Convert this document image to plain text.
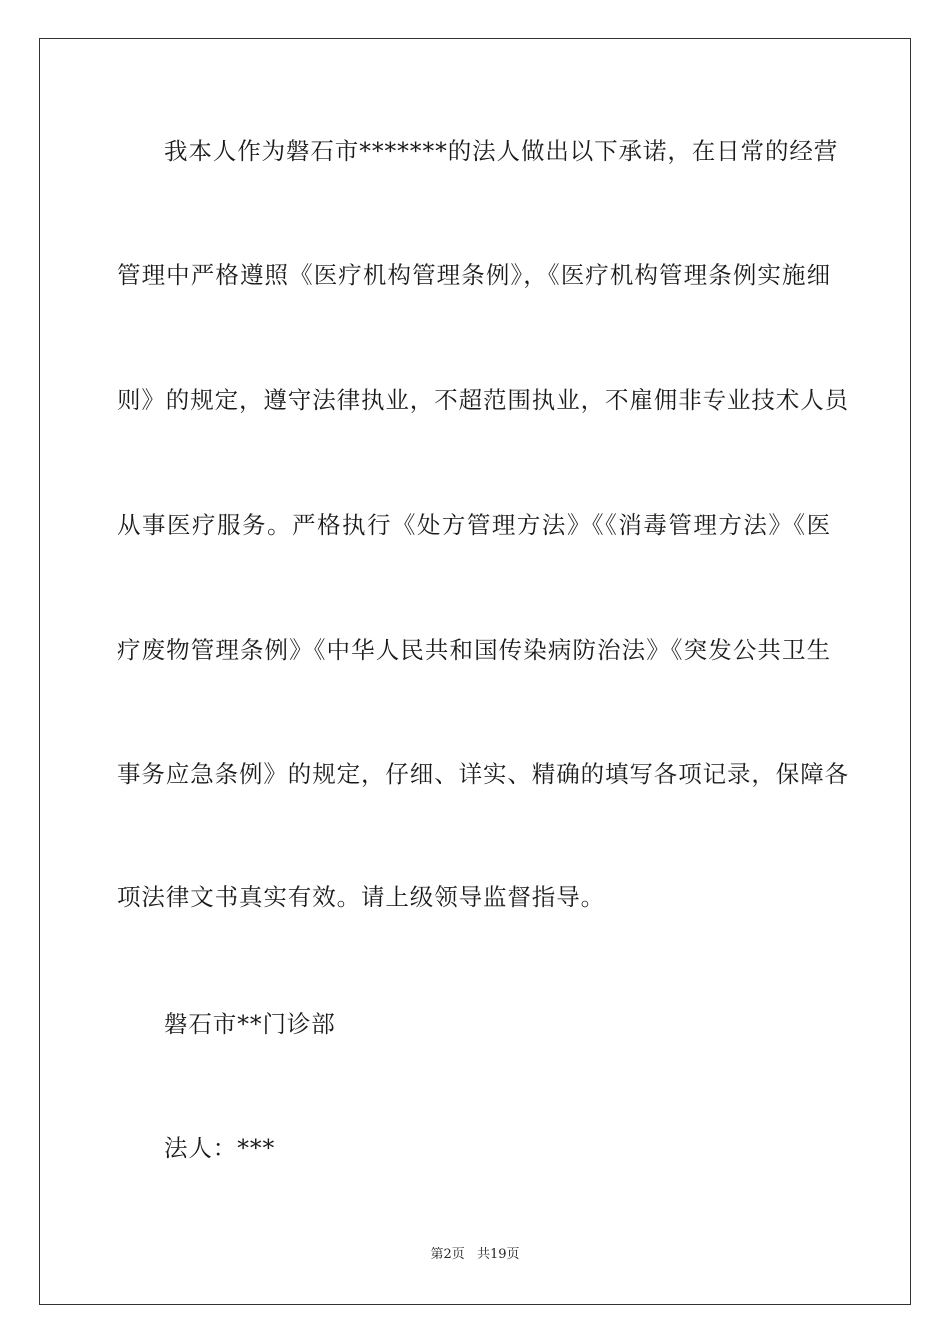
我本人作为磐石市*******的法人做出以下承诺，在日常的经营
管理中严格遵照《医疗机构管理条例》，《医疗机构管理条例实施细
则》的规定，遵守法律执业，不超范围执业，不雇佣非专业技术人员
从事医疗服务。严格执行《处方管理方法》《《消毒管理方法》《医
疗废物管理条例》《中华人民共和国传染病防治法》《突发公共卫生
事务应急条例》的规定，仔细、详实、精确的填写各项记录，保障各
项法律文书真实有效。请上级领导监督指导。
磐石市**门诊部
法人：***
第2页 共19页
